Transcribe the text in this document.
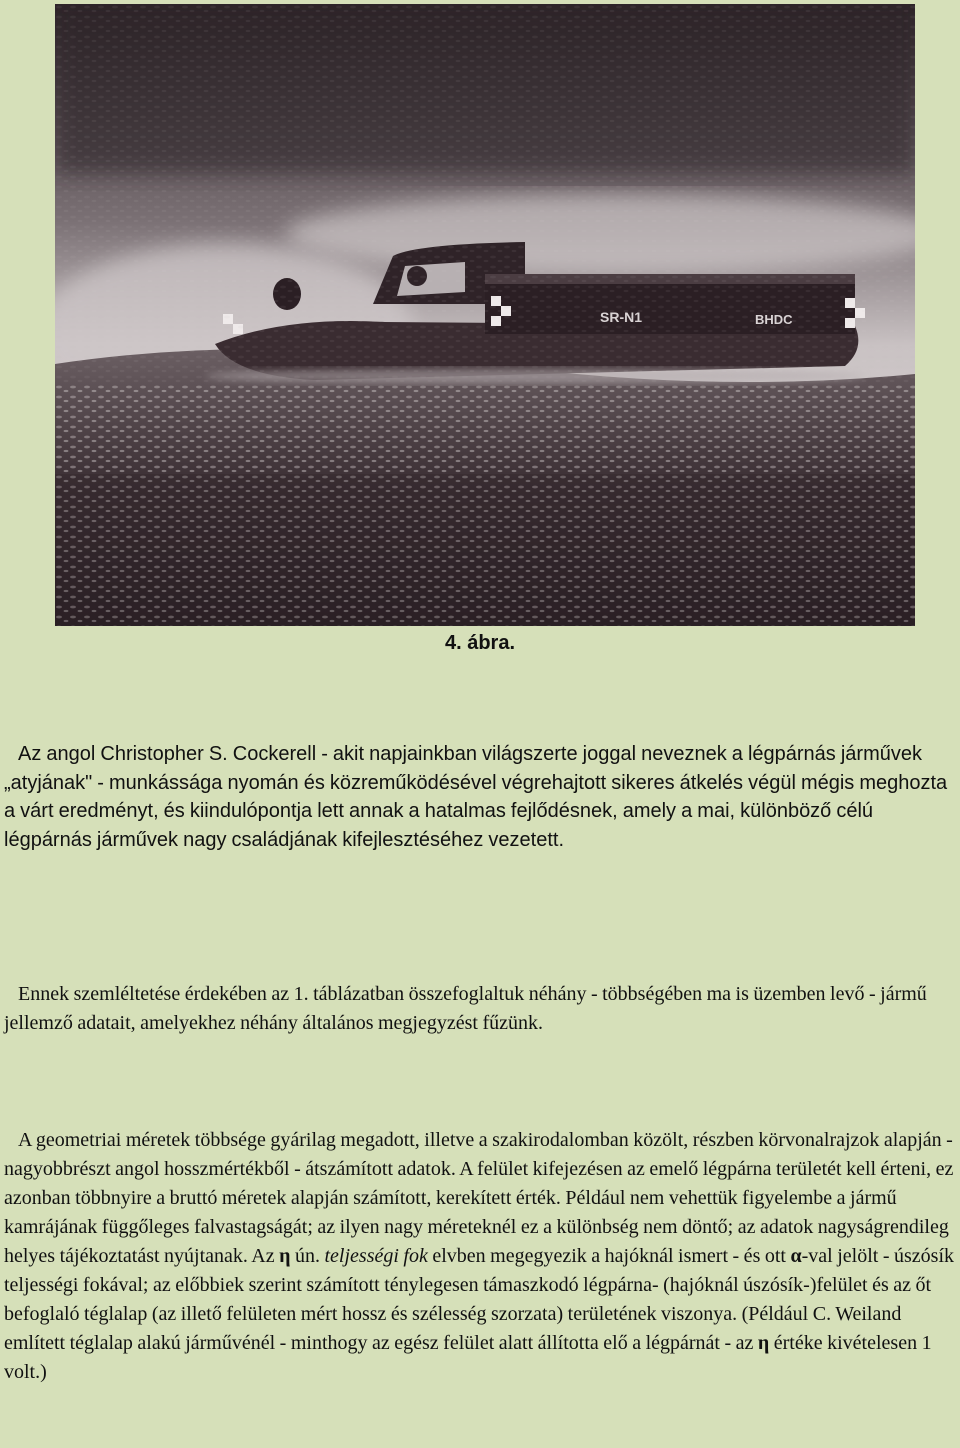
SR-N1	BHDC
4. ábra.

Az angol Christopher S. Cockerell - akit napjainkban világszerte joggal neveznek a légpárnás járművek „atyjának" - munkássága nyomán és közreműködésével végrehajtott sikeres átkelés végül mégis meghozta a várt eredményt, és kiindulópontja lett annak a hatalmas fejlődésnek, amely a mai, különböző célú légpárnás járművek nagy családjának kifejlesztéséhez vezetett.

Ennek szemléltetése érdekében az 1. táblázatban összefoglaltuk néhány - többségében ma is üzemben levő - jármű jellemző adatait, amelyekhez néhány általános megjegyzést fűzünk.

A geometriai méretek többsége gyárilag megadott, illetve a szakirodalomban közölt, részben körvonalrajzok alapján - nagyobbrészt angol hosszmértékből - átszámított adatok. A felület kifejezésen az emelő légpárna területét kell érteni, ez azonban többnyire a bruttó méretek alapján számított, kerekített érték. Például nem vehettük figyelembe a jármű kamrájának függőleges falvastagságát; az ilyen nagy méreteknél ez a különbség nem döntő; az adatok nagyságrendileg helyes tájékoztatást nyújtanak. Az η ún. teljességi fok elvben megegyezik a hajóknál ismert - és ott α-val jelölt - úszósík teljességi fokával; az előbbiek szerint számított ténylegesen támaszkodó légpárna- (hajóknál úszósík-)felület és az őt befoglaló téglalap (az illető felületen mért hossz és szélesség szorzata) területének viszonya. (Például C. Weiland említett téglalap alakú járművénél - minthogy az egész felület alatt állította elő a légpárnát - az η értéke kivételesen 1 volt.)
